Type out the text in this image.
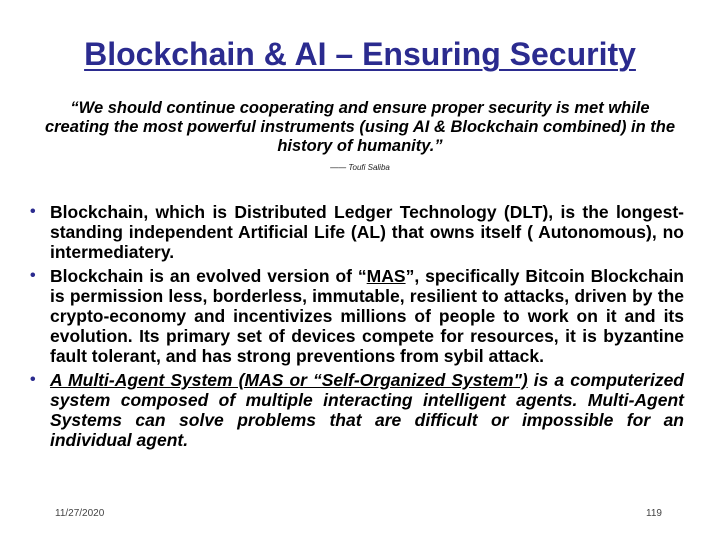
Blockchain & AI – Ensuring Security
“We should continue cooperating and ensure proper security is met while creating the most powerful instruments (using AI & Blockchain combined) in the history of humanity.”
—— Toufi Saliba
• Blockchain, which is Distributed Ledger Technology (DLT), is the longest-standing independent Artificial Life (AL) that owns itself ( Autonomous), no intermediatery.
• Blockchain is an evolved version of “MAS”, specifically Bitcoin Blockchain is permission less, borderless, immutable, resilient to attacks, driven by the crypto-economy and incentivizes millions of people to work on it and its evolution. Its primary set of devices compete for resources, it is byzantine fault tolerant, and has strong preventions from sybil attack.
• A Multi-Agent System (MAS or “Self-Organized System") is a computerized system composed of multiple interacting intelligent agents. Multi-Agent Systems can solve problems that are difficult or impossible for an individual agent.
11/27/2020	119
